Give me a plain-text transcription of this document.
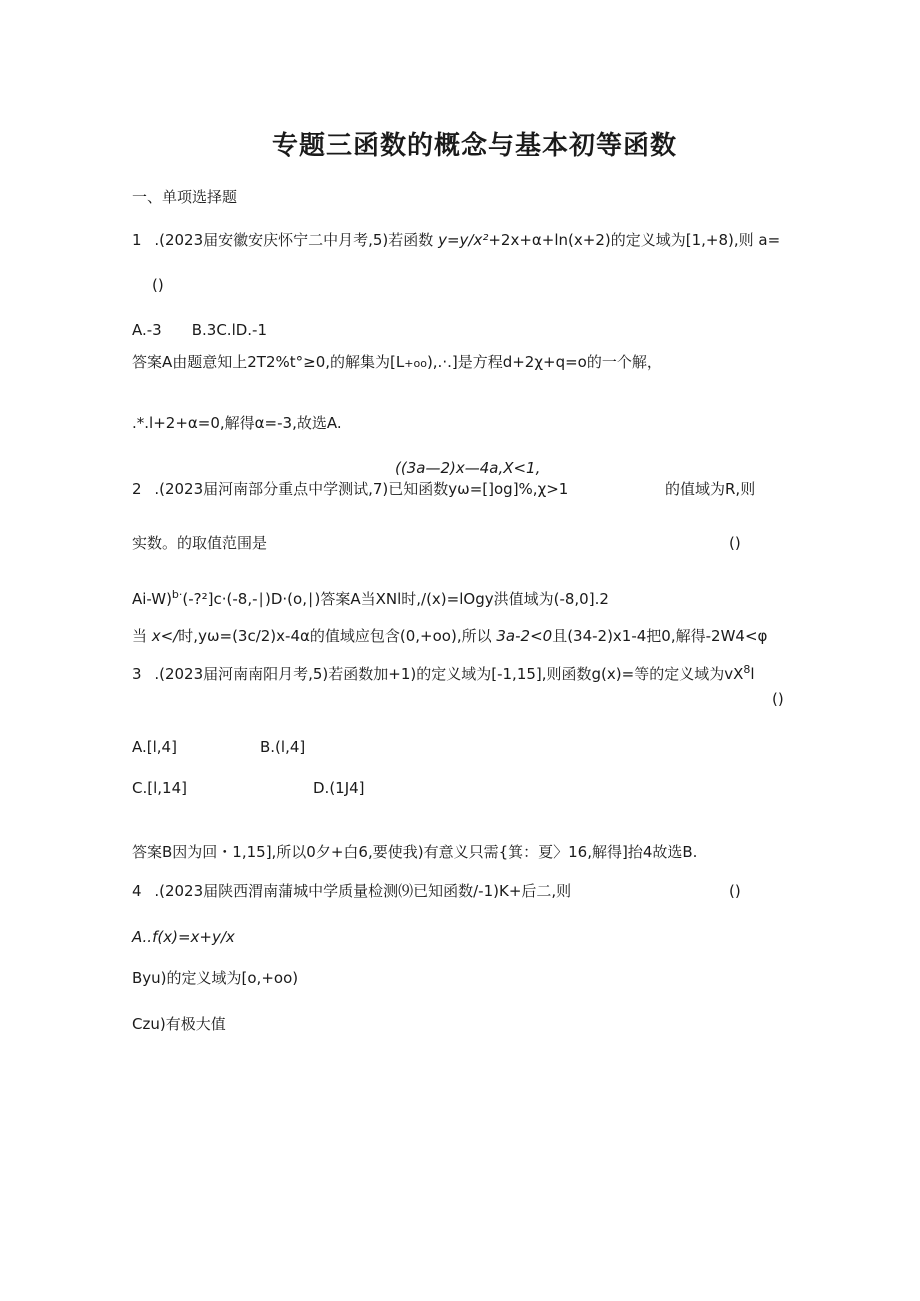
专题三函数的概念与基本初等函数
一、单项选择题
1 .(2023届安徽安庆怀宁二中月考,5)若函数 y=y∕x²+2x+α+ln(x+2)的定义域为[1,+8),则 a=
()
A.-3　　B.3C.lD.-1
答案A由题意知上2T2%t°≥0,的解集为[L+oo),.·.]是方程d+2χ+q=o的一个解，
.*.l+2+α=0,解得α=-3,故选A.
((3a—2)x—4a,X<1,
2 .(2023届河南部分重点中学测试,7)已知函数yω=[]og]%,χ>1	的值域为R,则
实数。的取值范围是	()
Ai-W)$^{b\cdot}$(-?²]c·(-8,-∣)D·(o,∣)答案A当XNl时,/(x)=lOgy洪值域为(-8,0].2
当 x</时,yω=(3c∕2)x-4α的值域应包含(0,+oo),所以 3a-2<0且(34-2)x1-4把0,解得-2W4<φ
3 .(2023届河南南阳月考,5)若函数加+1)的定义域为[-1,15],则函数g(x)=等的定义域为$vX^8l$
()
A.[l,4]	B.(l,4]
C.[l,14]	D.(1J4]
答案B因为回・1,15],所以0夕+白6,要使我)有意义只需{箕：夏〉16,解得]抬4故选B.
4 .(2023届陕西渭南蒲城中学质量检测⑼已知函数/-1)K+后二,则	()
A..f(x)=x+y∕x
Byu)的定义域为[o,+oo)
Czu)有极大值
